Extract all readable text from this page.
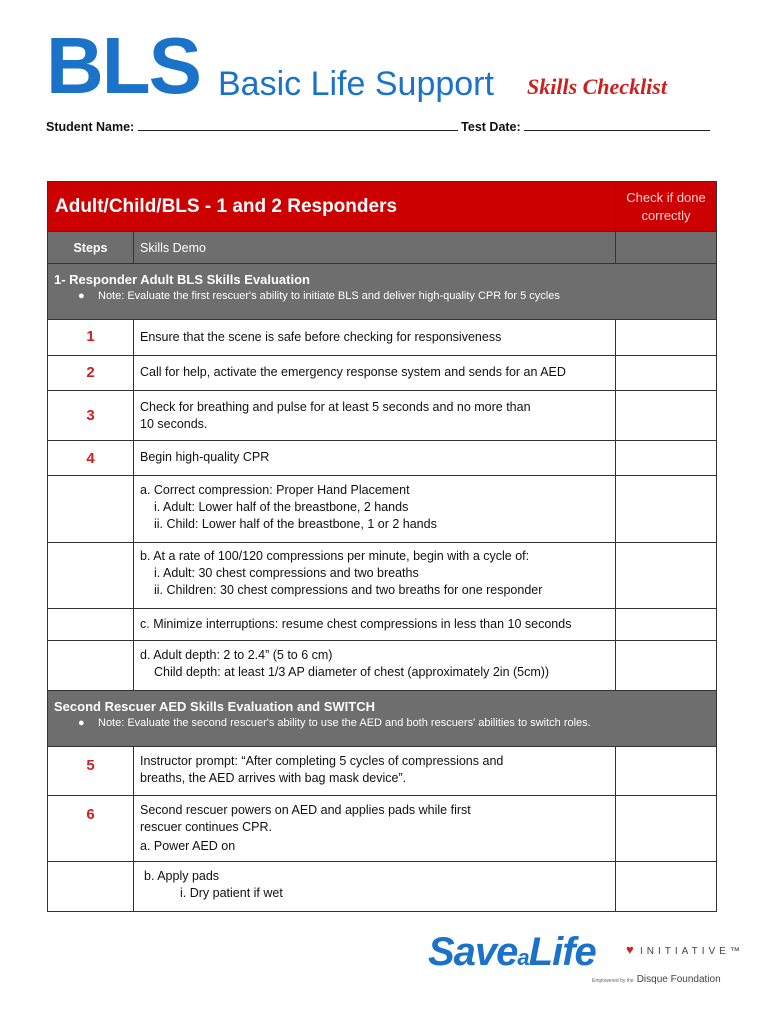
BLS Basic Life Support Skills Checklist
Student Name:	Test Date:
Adult/Child/BLS - 1 and 2 Responders		Check if done correctly
Steps	Skills Demo	

1- Responder Adult BLS Skills Evaluation
● Note: Evaluate the first rescuer's ability to initiate BLS and deliver high-quality CPR for 5 cycles		

1	Ensure that the scene is safe before checking for responsiveness	
2	Call for help, activate the emergency response system and sends for an AED	
3	Check for breathing and pulse for at least 5 seconds and no more than
10 seconds.	

4	Begin high-quality CPR	

	a. Correct compression: Proper Hand Placement
i. Adult: Lower half of the breastbone, 2 hands
ii. Child: Lower half of the breastbone, 1 or 2 hands	

	b. At a rate of 100/120 compressions per minute, begin with a cycle of:
i. Adult: 30 chest compressions and two breaths
ii. Children: 30 chest compressions and two breaths for one responder	

	c. Minimize interruptions: resume chest compressions in less than 10 seconds	

	d. Adult depth: 2 to 2.4” (5 to 6 cm)
Child depth: at least 1/3 AP diameter of chest (approximately 2in (5cm))	

Second Rescuer AED Skills Evaluation and SWITCH
● Note: Evaluate the second rescuer's ability to use the AED and both rescuers' abilities to switch roles.		

5	Instructor prompt: “After completing 5 cycles of compressions and
breaths, the AED arrives with bag mask device”.	

6	Second rescuer powers on AED and applies pads while first
rescuer continues CPR.
a. Power AED on	

	b. Apply pads
i. Dry patient if wet	

SaveaLife ♥ INITIATIVE™
Empowered by the Disque Foundation
